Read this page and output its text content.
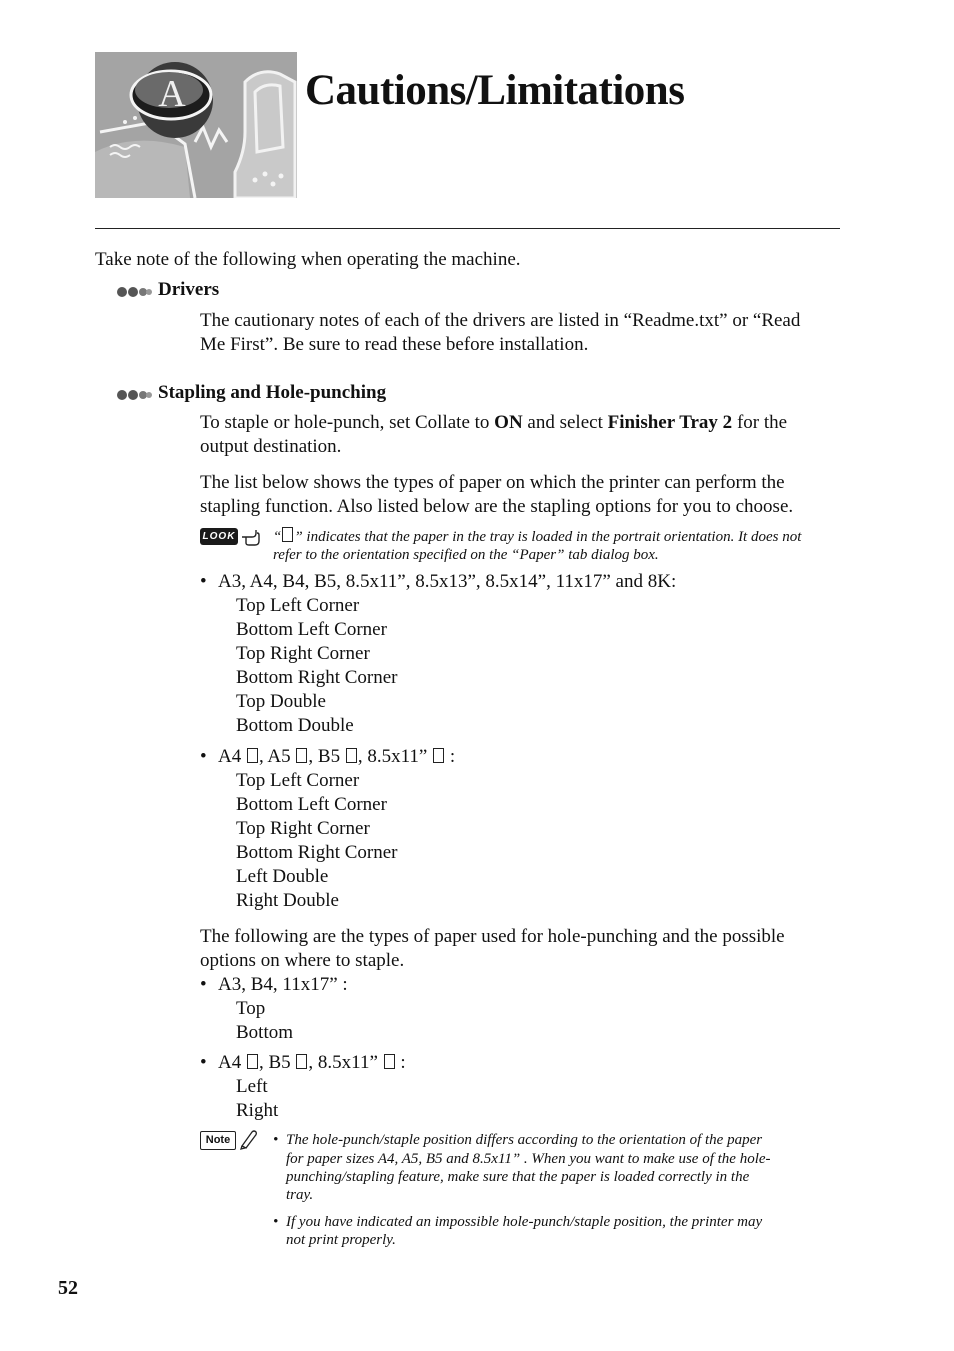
A	Cautions/Limitations
Take note of the following when operating the machine.
Drivers
The cautionary notes of each of the drivers are listed in “Readme.txt” or “Read
Me First”. Be sure to read these before installation.
Stapling and Hole-punching
To staple or hole-punch, set Collate to ON and select Finisher Tray 2 for the
output destination.
The list below shows the types of paper on which the printer can perform the
stapling function. Also listed below are the stapling options for you to choose.
LOOK	“ ” indicates that the paper in the tray is loaded in the portrait orientation. It does not
refer to the orientation specified on the “Paper” tab dialog box.
• A3, A4, B4, B5, 8.5x11”, 8.5x13”, 8.5x14”, 11x17” and 8K:
Top Left Corner
Bottom Left Corner
Top Right Corner
Bottom Right Corner
Top Double
Bottom Double
• A4 , A5 , B5 , 8.5x11”  :
Top Left Corner
Bottom Left Corner
Top Right Corner
Bottom Right Corner
Left Double
Right Double
The following are the types of paper used for hole-punching and the possible
options on where to staple.
• A3, B4, 11x17” :
Top
Bottom
• A4 , B5 , 8.5x11”  :
Left
Right
Note	• The hole-punch/staple position differs according to the orientation of the paper
for paper sizes A4, A5, B5 and 8.5x11” . When you want to make use of the hole-
punching/stapling feature, make sure that the paper is loaded correctly in the
tray.
• If you have indicated an impossible hole-punch/staple position, the printer may
not print properly.
52
